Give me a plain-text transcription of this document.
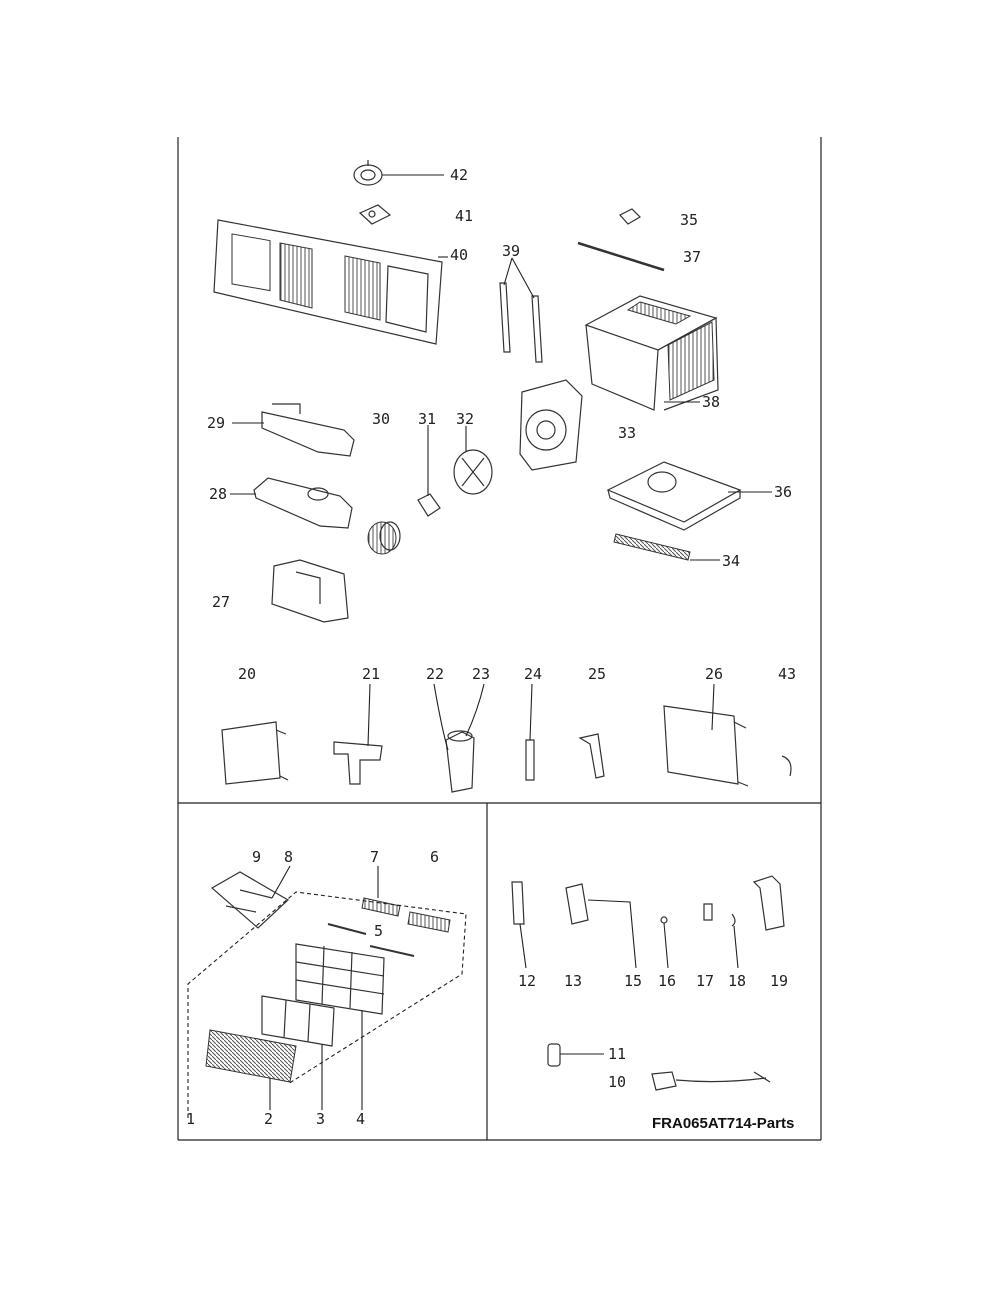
42
41
40 39
35
37
38
33
36
34
29	30 31 32
28
27
20	21	22 23 24	25	26	43
9 8	7	6
5
4
3
2
1
12 13	15 16 17 18 19
11
10
FRA065AT714-Parts
